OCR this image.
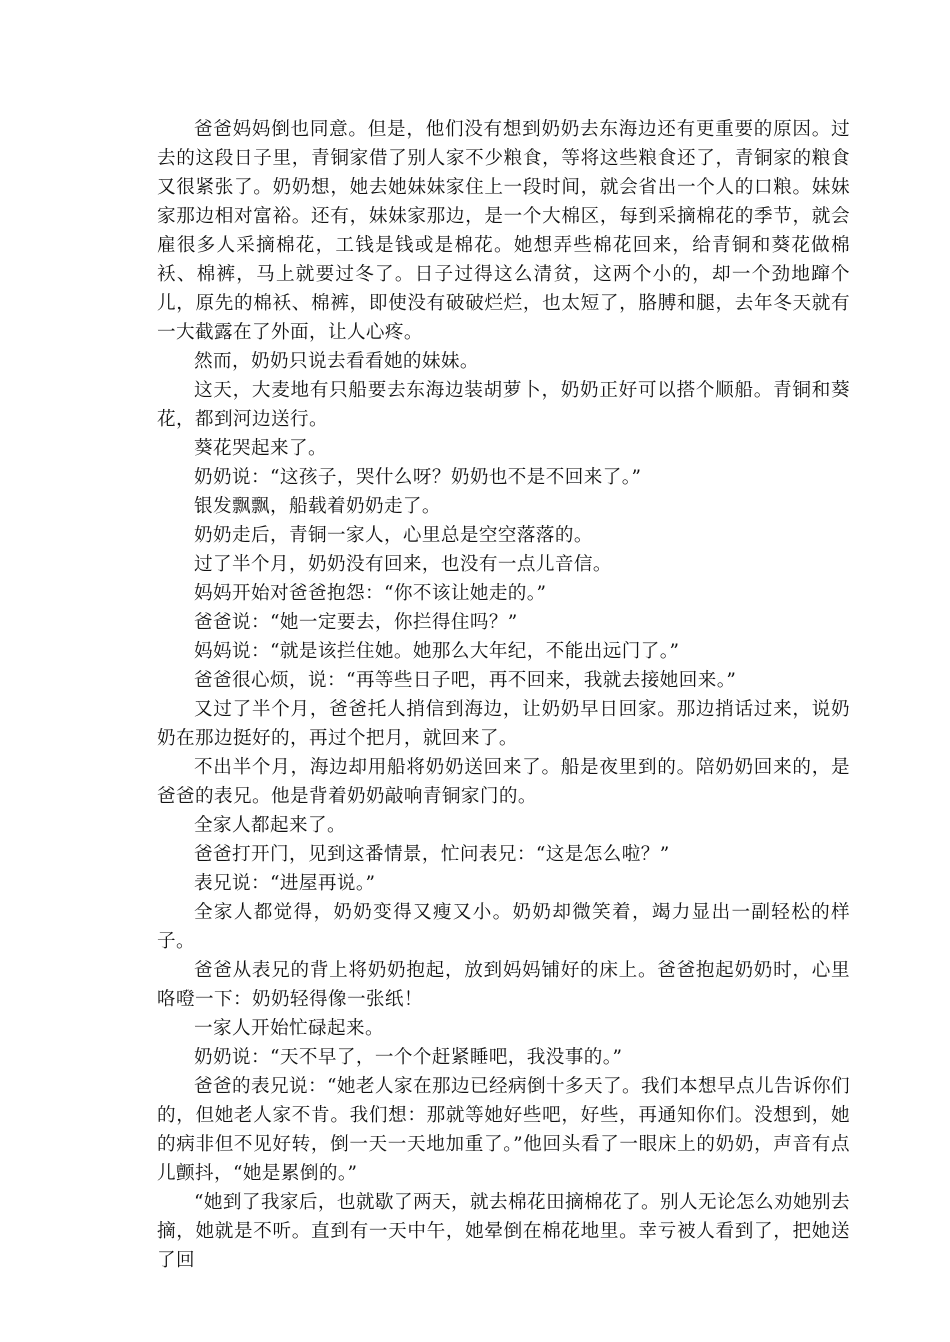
爸爸妈妈倒也同意。但是，他们没有想到奶奶去东海边还有更重要的原因。过去的这段日子里，青铜家借了别人家不少粮食，等将这些粮食还了，青铜家的粮食又很紧张了。奶奶想，她去她妹妹家住上一段时间，就会省出一个人的口粮。妹妹家那边相对富裕。还有，妹妹家那边，是一个大棉区，每到采摘棉花的季节，就会雇很多人采摘棉花，工钱是钱或是棉花。她想弄些棉花回来，给青铜和葵花做棉袄、棉裤，马上就要过冬了。日子过得这么清贫，这两个小的，却一个劲地蹿个儿，原先的棉袄、棉裤，即使没有破破烂烂，也太短了，胳膊和腿，去年冬天就有一大截露在了外面，让人心疼。

然而，奶奶只说去看看她的妹妹。

这天，大麦地有只船要去东海边装胡萝卜，奶奶正好可以搭个顺船。青铜和葵花，都到河边送行。

葵花哭起来了。

奶奶说：“这孩子，哭什么呀？奶奶也不是不回来了。”

银发飘飘，船载着奶奶走了。

奶奶走后，青铜一家人，心里总是空空落落的。

过了半个月，奶奶没有回来，也没有一点儿音信。

妈妈开始对爸爸抱怨：“你不该让她走的。”

爸爸说：“她一定要去，你拦得住吗？”

妈妈说：“就是该拦住她。她那么大年纪，不能出远门了。”

爸爸很心烦，说：“再等些日子吧，再不回来，我就去接她回来。”

又过了半个月，爸爸托人捎信到海边，让奶奶早日回家。那边捎话过来，说奶奶在那边挺好的，再过个把月，就回来了。

不出半个月，海边却用船将奶奶送回来了。船是夜里到的。陪奶奶回来的，是爸爸的表兄。他是背着奶奶敲响青铜家门的。

全家人都起来了。

爸爸打开门，见到这番情景，忙问表兄：“这是怎么啦？”

表兄说：“进屋再说。”

全家人都觉得，奶奶变得又瘦又小。奶奶却微笑着，竭力显出一副轻松的样子。

爸爸从表兄的背上将奶奶抱起，放到妈妈铺好的床上。爸爸抱起奶奶时，心里咯噔一下：奶奶轻得像一张纸！

一家人开始忙碌起来。

奶奶说：“天不早了，一个个赶紧睡吧，我没事的。”

爸爸的表兄说：“她老人家在那边已经病倒十多天了。我们本想早点儿告诉你们的，但她老人家不肯。我们想：那就等她好些吧，好些，再通知你们。没想到，她的病非但不见好转，倒一天一天地加重了。”他回头看了一眼床上的奶奶，声音有点儿颤抖，“她是累倒的。”

“她到了我家后，也就歇了两天，就去棉花田摘棉花了。别人无论怎么劝她别去摘，她就是不听。直到有一天中午，她晕倒在棉花地里。幸亏被人看到了，把她送了回
